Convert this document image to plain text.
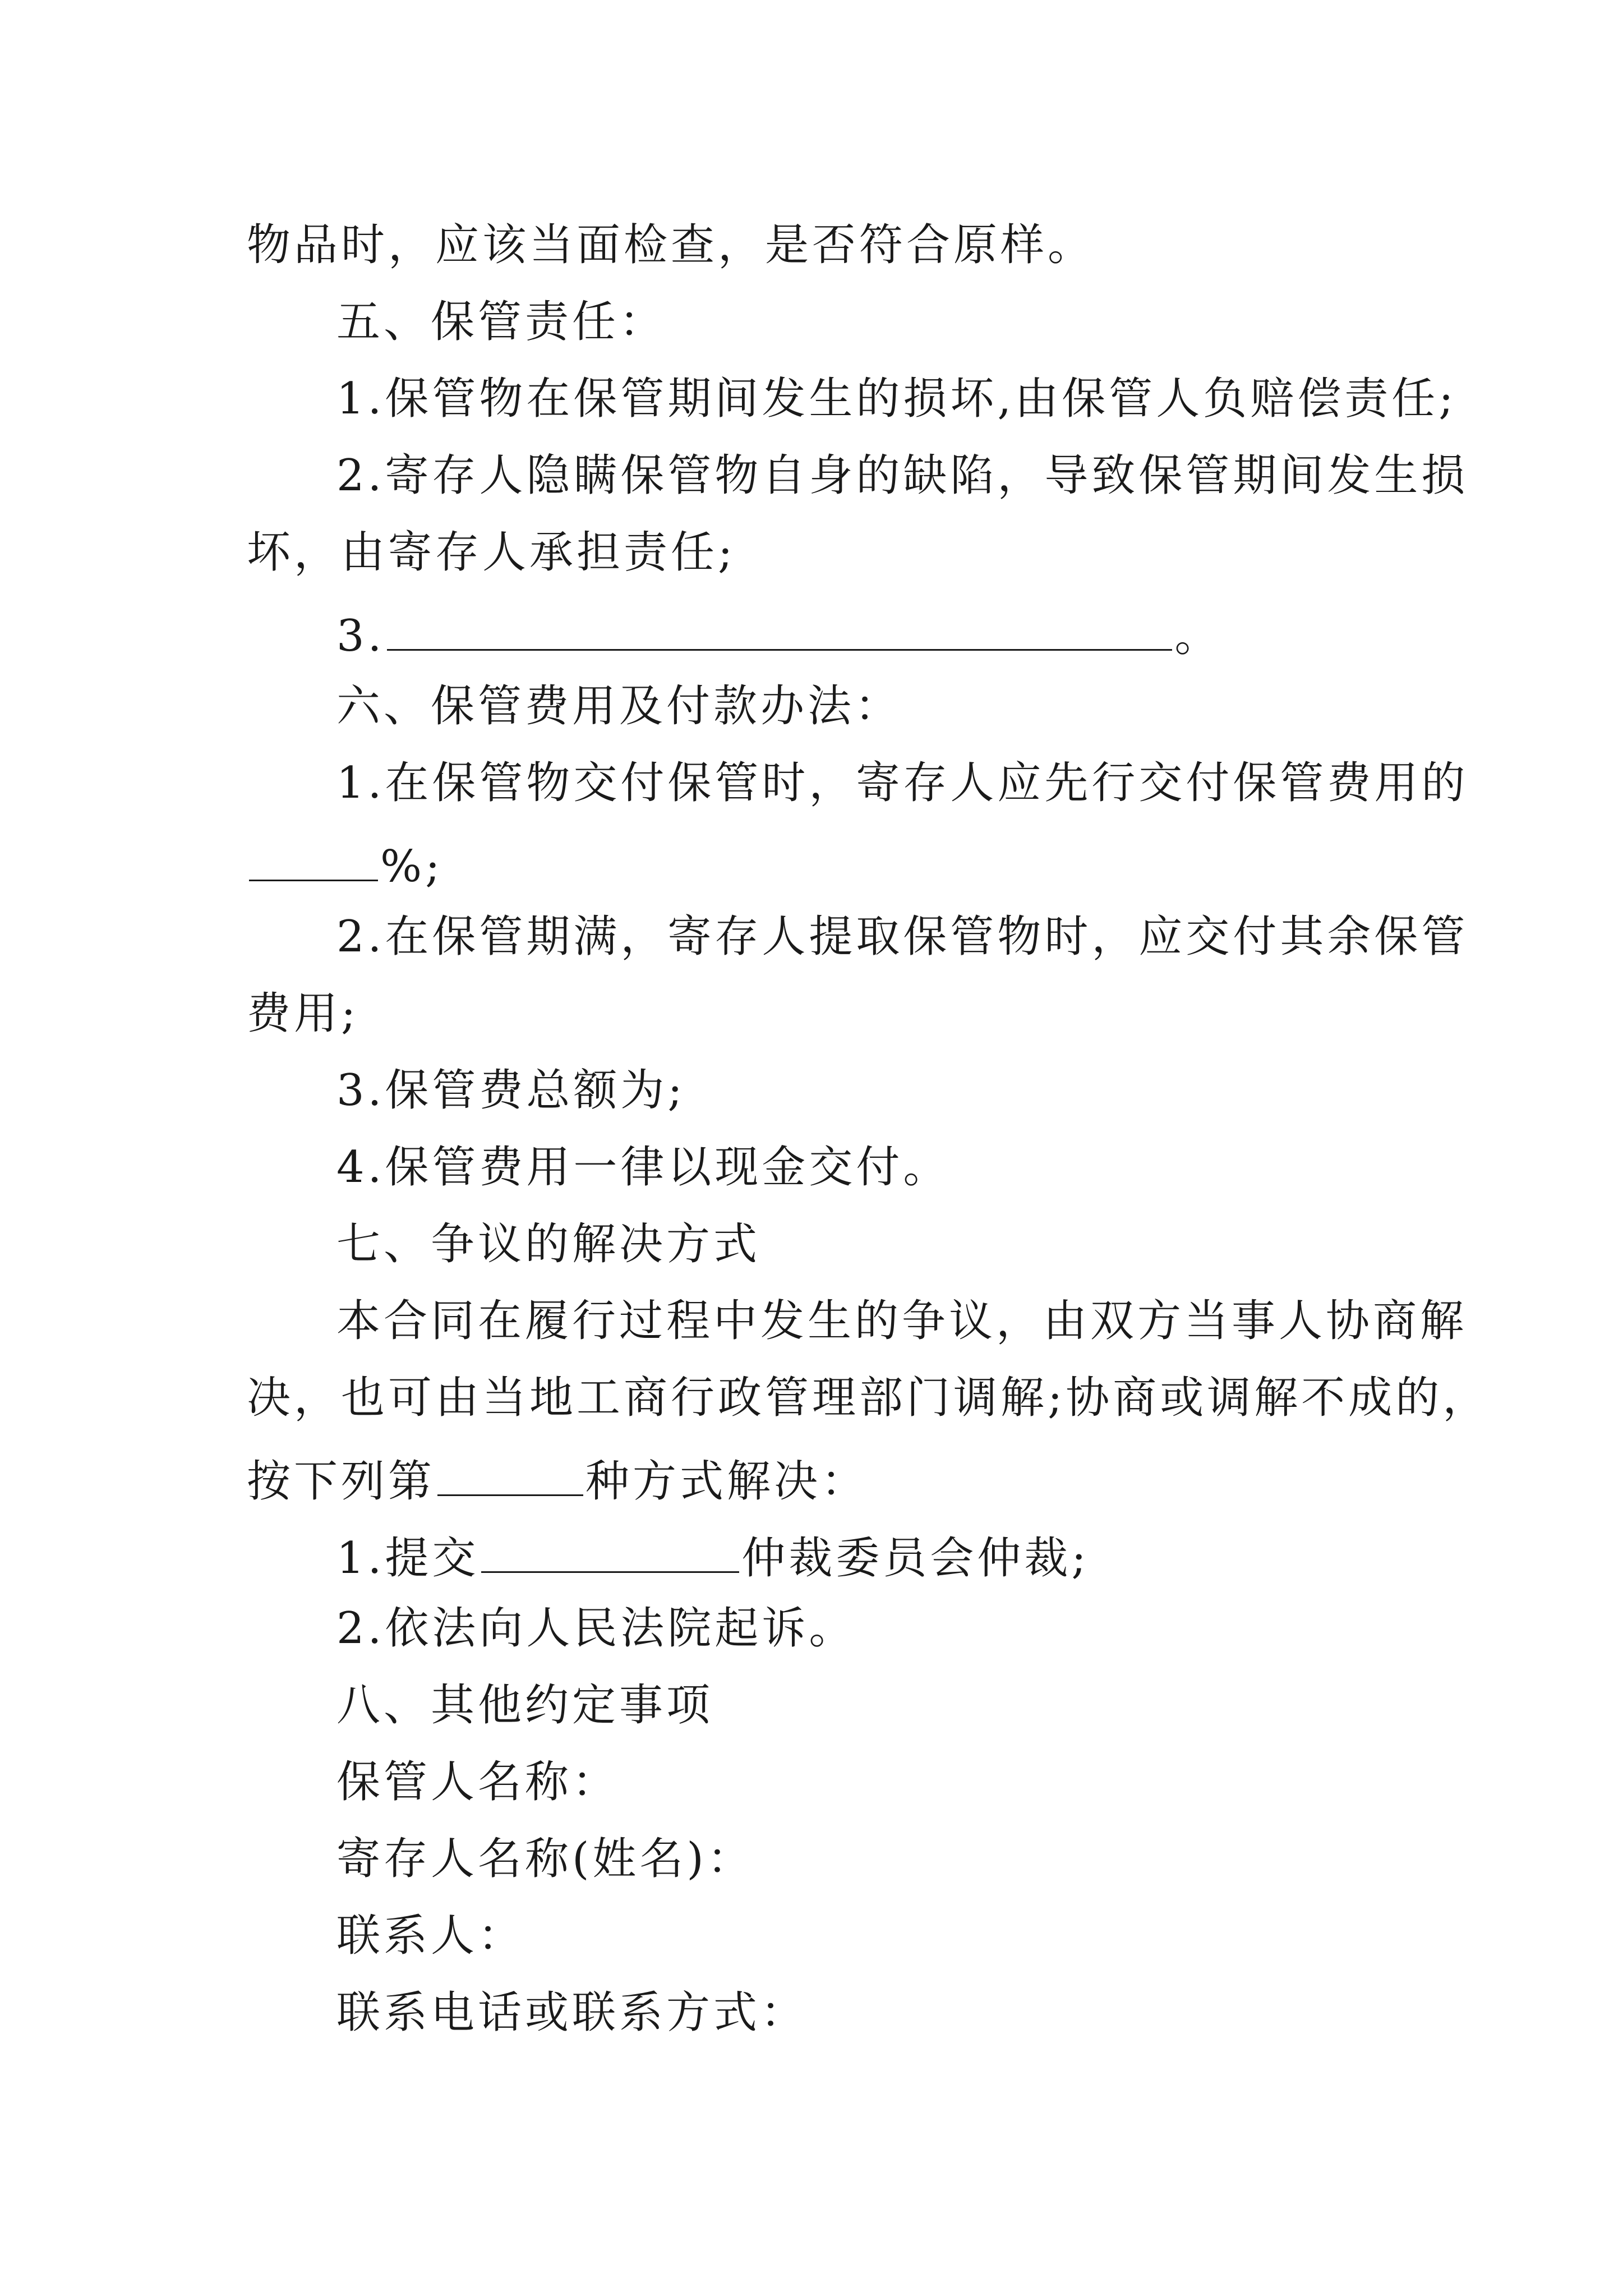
物品时，应该当面检查，是否符合原样。
五、保管责任：
1.保管物在保管期间发生的损坏,由保管人负赔偿责任;
2.寄存人隐瞒保管物自身的缺陷，导致保管期间发生损
坏，由寄存人承担责任;
3.	。
六、保管费用及付款办法：
1.在保管物交付保管时，寄存人应先行交付保管费用的
%;
2.在保管期满，寄存人提取保管物时，应交付其余保管
费用;
3.保管费总额为;
4.保管费用一律以现金交付。
七、争议的解决方式
本合同在履行过程中发生的争议，由双方当事人协商解
决，也可由当地工商行政管理部门调解;协商或调解不成的，
按下列第	种方式解决：
1.提交	仲裁委员会仲裁;
2.依法向人民法院起诉。
八、其他约定事项
保管人名称：
寄存人名称(姓名)：
联系人：
联系电话或联系方式：
